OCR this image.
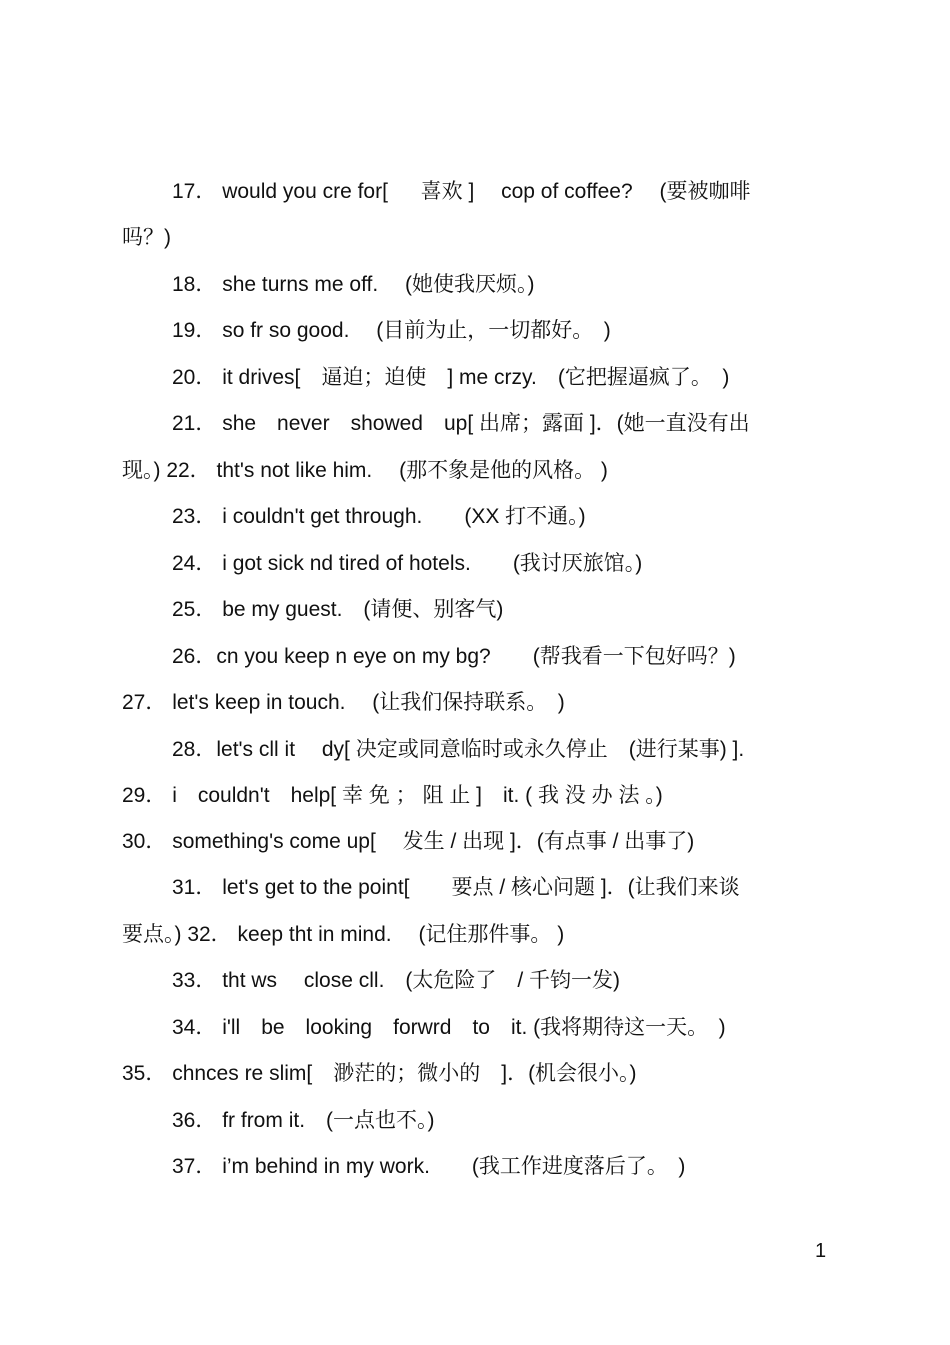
17． would you cre for[ 　 喜欢 ]　 cop of coffee?　 (要被咖啡
吗？)
18． she turns me off.　 (她使我厌烦。)
19． so fr so good.　 (目前为止，一切都好。　)
20． it drives[　逼迫；迫使　] me crzy.　(它把握逼疯了。　)
21． she　never　showed　up[ 出席；露面 ]．(她一直没有出
现。) 22． tht's not like him.　 (那不象是他的风格。 )
23． i couldn't get through.　　(XX 打不通。)
24． i got sick nd tired of hotels.　　(我讨厌旅馆。)
25． be my guest.　(请便、别客气)
26．cn you keep n eye on my bg?　　(帮我看一下包好吗？)
27． let's keep in touch.　 (让我们保持联系。　)
28．let's cll it　 dy[ 决定或同意临时或永久停止　(进行某事) ].
29． i　couldn't　help[ 幸 免 ； 阻 止 ]　it. ( 我 没 办 法 。)
30． something's come up[　 发生 / 出现 ]．(有点事 / 出事了)
31． let's get to the point[　　要点 / 核心问题 ]．(让我们来谈
要点。) 32． keep tht in mind.　 (记住那件事。 )
33． tht ws　 close cll.　(太危险了　/ 千钧一发)
34． i'll　be　looking　forwrd　to　it. (我将期待这一天。　)
35． chnces re slim[　渺茫的；微小的　]．(机会很小。)
36． fr from it.　(一点也不。)
37． i’m behind in my work.　　(我工作进度落后了。　)
1
